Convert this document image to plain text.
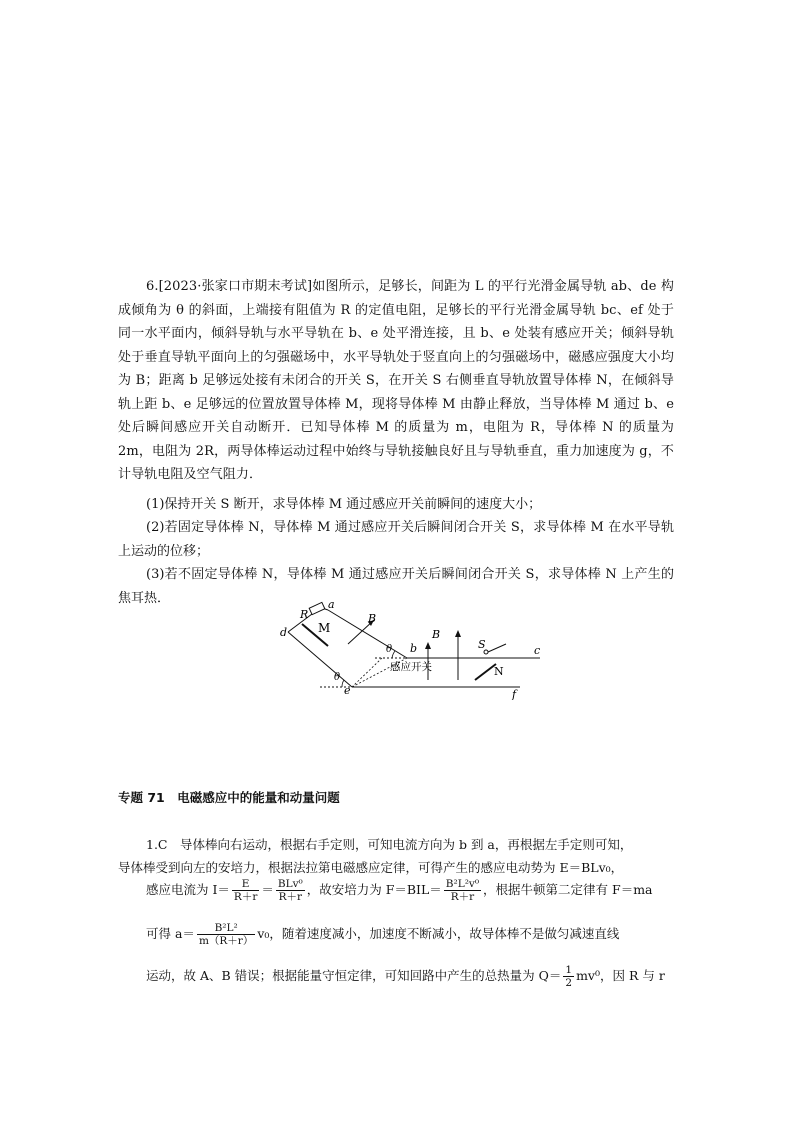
6.[2023·张家口市期末考试]如图所示，足够长，间距为 L 的平行光滑金属导轨 ab、de 构成倾角为 θ 的斜面，上端接有阻值为 R 的定值电阻，足够长的平行光滑金属导轨 bc、ef 处于同一水平面内，倾斜导轨与水平导轨在 b、e 处平滑连接，且 b、e 处装有感应开关；倾斜导轨处于垂直导轨平面向上的匀强磁场中，水平导轨处于竖直向上的匀强磁场中，磁感应强度大小均为 B；距离 b 足够远处接有未闭合的开关 S，在开关 S 右侧垂直导轨放置导体棒 N，在倾斜导轨上距 b、e 足够远的位置放置导体棒 M，现将导体棒 M 由静止释放，当导体棒 M 通过 b、e 处后瞬间感应开关自动断开．已知导体棒 M 的质量为 m，电阻为 R，导体棒 N 的质量为 2m，电阻为 2R，两导体棒运动过程中始终与导轨接触良好且与导轨垂直，重力加速度为 g，不计导轨电阻及空气阻力．
(1)保持开关 S 断开，求导体棒 M 通过感应开关前瞬间的速度大小；
(2)若固定导体棒 N，导体棒 M 通过感应开关后瞬间闭合开关 S，求导体棒 M 在水平导轨上运动的位移；
(3)若不固定导体棒 N，导体棒 M 通过感应开关后瞬间闭合开关 S，求导体棒 N 上产生的焦耳热．
R
a
d	M
B
B
θ
θ
b
e
感应开关
S	c
N
f
专题 71　电磁感应中的能量和动量问题
1.C　导体棒向右运动，根据右手定则，可知电流方向为 b 到 a，再根据左手定则可知，
导体棒受到向左的安培力，根据法拉第电磁感应定律，可得产生的感应电动势为 E＝BLv₀，
感应电流为 $I= \frac{E}{R+r} = \frac{\text{BLv⁰}}{R+r}$ ，故安培力为 $F=BIL= \frac{\text{B²L²v⁰}}{R+r}$ ，根据牛顿第二定律有 F＝ma
可得 $a= \frac{\text{B²L²}}{m(R+r)} v_0$，随着速度减小，加速度不断减小，故导体棒不是做匀减速直线
运动，故 A、B 错误；根据能量守恒定律，可知回路中产生的总热量为 $Q= \frac{1}{2} mv^0$，因 R 与 r
